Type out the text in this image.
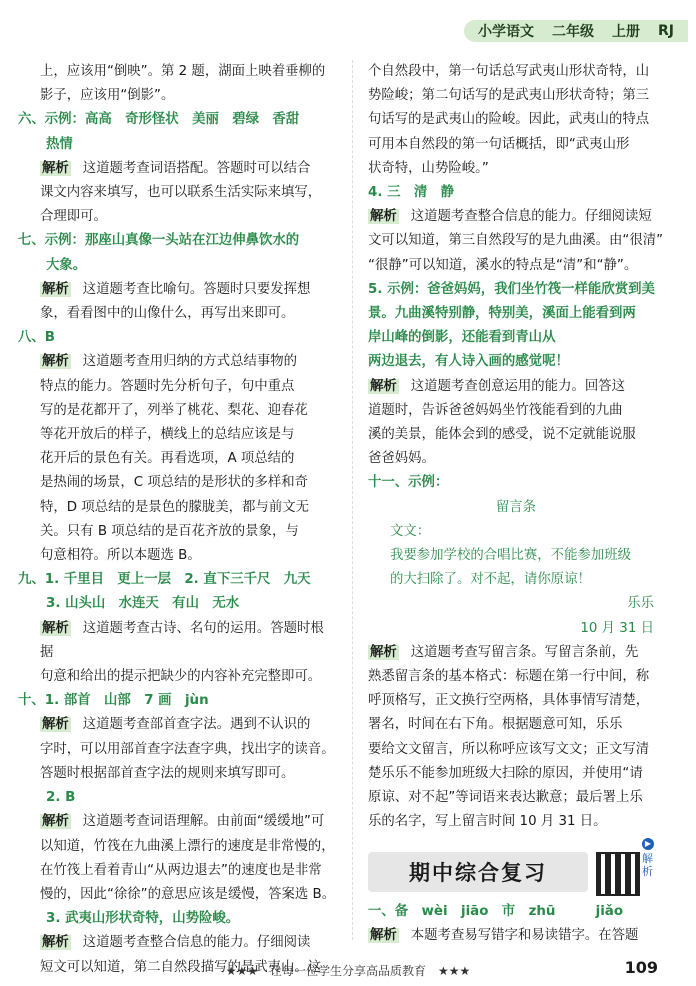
小学语文 二年级 上册 RJ

上，应该用“倒映”。第 2 题，湖面上映着垂柳的

影子，应该用“倒影”。

六、示例：高高　奇形怪状　美丽　碧绿　香甜

热情

解析 这道题考查词语搭配。答题时可以结合

课文内容来填写，也可以联系生活实际来填写，

合理即可。

七、示例：那座山真像一头站在江边伸鼻饮水的

大象。

解析 这道题考查比喻句。答题时只要发挥想

象，看看图中的山像什么，再写出来即可。

八、B

解析 这道题考查用归纳的方式总结事物的

特点的能力。答题时先分析句子，句中重点

写的是花都开了，列举了桃花、梨花、迎春花

等花开放后的样子，横线上的总结应该是与

花开后的景色有关。再看选项，A 项总结的

是热闹的场景，C 项总结的是形状的多样和奇

特，D 项总结的是景色的朦胧美，都与前文无

关。只有 B 项总结的是百花齐放的景象，与

句意相符。所以本题选 B。

九、1. 千里目　更上一层　2. 直下三千尺　九天

3. 山头山　水连天　有山　无水

解析 这道题考查古诗、名句的运用。答题时根据

句意和给出的提示把缺少的内容补充完整即可。

十、1. 部首　山部　7 画　jùn

解析 这道题考查部首查字法。遇到不认识的

字时，可以用部首查字法查字典，找出字的读音。

答题时根据部首查字法的规则来填写即可。

2. B

解析 这道题考查词语理解。由前面“缓缓地”可

以知道，竹筏在九曲溪上漂行的速度是非常慢的，

在竹筏上看着青山“从两边退去”的速度也是非常

慢的，因此“徐徐”的意思应该是缓慢，答案选 B。

3. 武夷山形状奇特，山势险峻。

解析 这道题考查整合信息的能力。仔细阅读

短文可以知道，第二自然段描写的是武夷山。这

个自然段中，第一句话总写武夷山形状奇特，山

势险峻；第二句话写的是武夷山形状奇特；第三

句话写的是武夷山的险峻。因此，武夷山的特点

可用本自然段的第一句话概括，即“武夷山形

状奇特，山势险峻。”

4. 三　清　静

解析 这道题考查整合信息的能力。仔细阅读短

文可以知道，第三自然段写的是九曲溪。由“很清”

“很静”可以知道，溪水的特点是“清”和“静”。

5. 示例：爸爸妈妈，我们坐竹筏一样能欣赏到美

景。九曲溪特别静，特别美，溪面上能看到两

岸山峰的倒影，还能看到青山从

两边退去，有人诗入画的感觉呢！

解析 这道题考查创意运用的能力。回答这

道题时，告诉爸爸妈妈坐竹筏能看到的九曲

溪的美景，能体会到的感受，说不定就能说服

爸爸妈妈。

十一、示例：

留言条

文文：

我要参加学校的合唱比赛，不能参加班级

的大扫除了。对不起，请你原谅！

乐乐

10 月 31 日

解析 这道题考查写留言条。写留言条前，先

熟悉留言条的基本格式：标题在第一行中间，称

呼顶格写，正文换行空两格，具体事情写清楚，

署名，时间在右下角。根据题意可知，乐乐

要给文文留言，所以称呼应该写文文；正文写清

楚乐乐不能参加班级大扫除的原因，并使用“请

原谅、对不起”等词语来表达歉意；最后署上乐

乐的名字，写上留言时间 10 月 31 日。

期中综合复习
▶
解析

一、备　wèi　jiāo　市　zhū　　　jiǎo

解析 本题考查易写错字和易读错字。在答题

★★★　让每一位学生分享高品质教育　★★★	109
